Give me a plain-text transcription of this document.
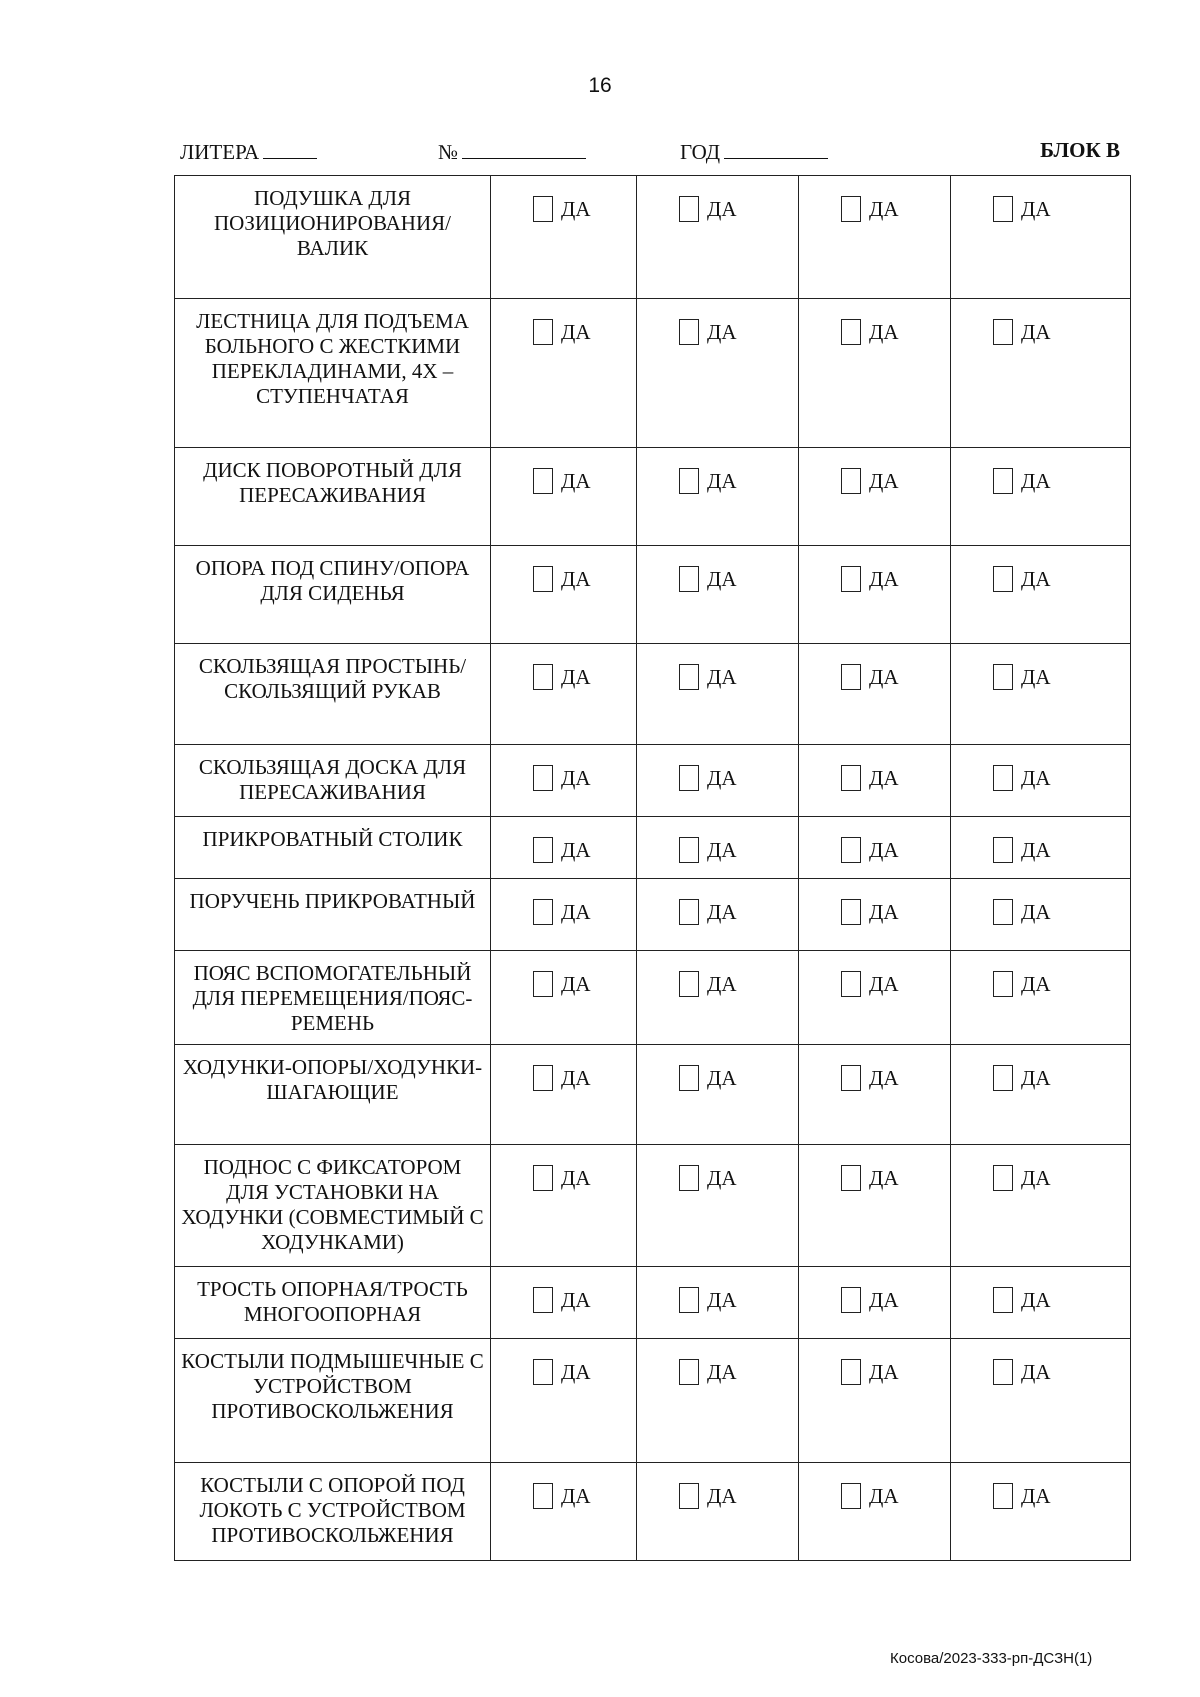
16
ЛИТЕРА	№	ГОД	БЛОК В
ПОДУШКА ДЛЯ ПОЗИЦИОНИРОВАНИЯ/ВАЛИК	ДА	ДА	ДА	ДА

ЛЕСТНИЦА ДЛЯ ПОДЪЕМА БОЛЬНОГО С ЖЕСТКИМИ ПЕРЕКЛАДИНАМИ, 4Х –СТУПЕНЧАТАЯ	ДА	ДА	ДА	ДА

ДИСК ПОВОРОТНЫЙ ДЛЯ ПЕРЕСАЖИВАНИЯ	ДА	ДА	ДА	ДА

ОПОРА ПОД СПИНУ/ОПОРА ДЛЯ СИДЕНЬЯ	ДА	ДА	ДА	ДА

СКОЛЬЗЯЩАЯ ПРОСТЫНЬ/СКОЛЬЗЯЩИЙ РУКАВ	ДА	ДА	ДА	ДА

СКОЛЬЗЯЩАЯ ДОСКА ДЛЯ ПЕРЕСАЖИВАНИЯ	ДА	ДА	ДА	ДА

ПРИКРОВАТНЫЙ СТОЛИК	ДА	ДА	ДА	ДА

ПОРУЧЕНЬ ПРИКРОВАТНЫЙ	ДА	ДА	ДА	ДА

ПОЯС ВСПОМОГАТЕЛЬНЫЙ ДЛЯ ПЕРЕМЕЩЕНИЯ/ПОЯС-РЕМЕНЬ	ДА	ДА	ДА	ДА

ХОДУНКИ-ОПОРЫ/ХОДУНКИ-ШАГАЮЩИЕ	ДА	ДА	ДА	ДА

ПОДНОС С ФИКСАТОРОМ ДЛЯ УСТАНОВКИ НА ХОДУНКИ (СОВМЕСТИМЫЙ С ХОДУНКАМИ)	ДА	ДА	ДА	ДА

ТРОСТЬ ОПОРНАЯ/ТРОСТЬ МНОГООПОРНАЯ	ДА	ДА	ДА	ДА

КОСТЫЛИ ПОДМЫШЕЧНЫЕ С УСТРОЙСТВОМ ПРОТИВОСКОЛЬЖЕНИЯ	ДА	ДА	ДА	ДА

КОСТЫЛИ С ОПОРОЙ ПОД ЛОКОТЬ С УСТРОЙСТВОМ ПРОТИВОСКОЛЬЖЕНИЯ	ДА	ДА	ДА	ДА
Косова/2023-333-рп-ДСЗН(1)
